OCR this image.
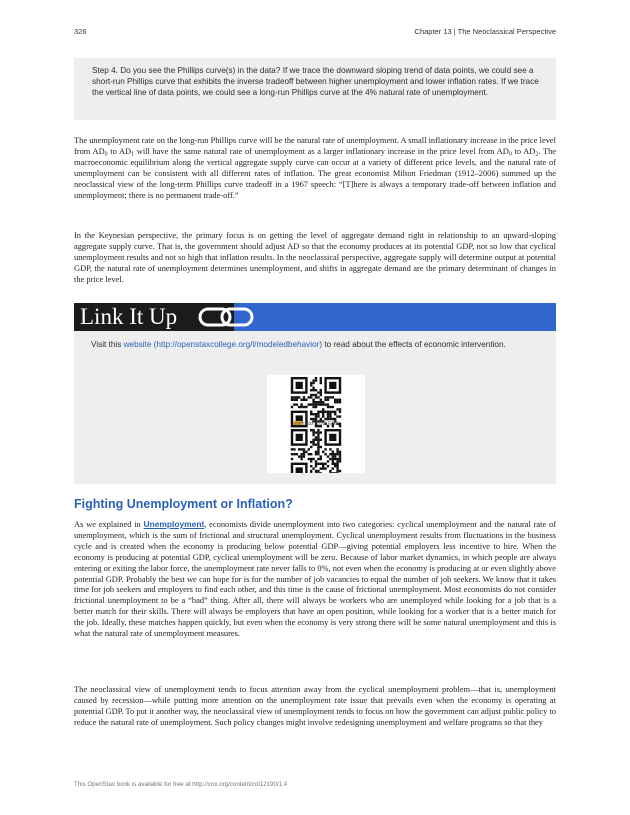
326	Chapter 13 | The Neoclassical Perspective
Step 4. Do you see the Phillips curve(s) in the data? If we trace the downward sloping trend of data points, we could see a short-run Phillips curve that exhibits the inverse tradeoff between higher unemployment and lower inflation rates. If we trace the vertical line of data points, we could see a long-run Phillips curve at the 4% natural rate of unemployment.

The unemployment rate on the long-run Phillips curve will be the natural rate of unemployment. A small inflationary increase in the price level from $AD_0$ to $AD_1$ will have the same natural rate of unemployment as a larger inflationary increase in the price level from $AD_0$ to $AD_2$. The macroeconomic equilibrium along the vertical aggregate supply curve can occur at a variety of different price levels, and the natural rate of unemployment can be consistent with all different rates of inflation. The great economist Milton Friedman (1912–2006) summed up the neoclassical view of the long-term Phillips curve tradeoff in a 1967 speech: “[T]here is always a temporary trade-off between inflation and unemployment; there is no permanent trade-off.”

In the Keynesian perspective, the primary focus is on getting the level of aggregate demand right in relationship to an upward-sloping aggregate supply curve. That is, the government should adjust AD so that the economy produces at its potential GDP, not so low that cyclical unemployment results and not so high that inflation results. In the neoclassical perspective, aggregate supply will determine output at potential GDP, the natural rate of unemployment determines unemployment, and shifts in aggregate demand are the primary determinant of changes in the price level.

Link It Up
Visit this website (http://openstaxcollege.org/l/modeledbehavior) to read about the effects of economic intervention.
openstax COLLEGE
Fighting Unemployment or Inflation?

As we explained in Unemployment, economists divide unemployment into two categories: cyclical unemployment and the natural rate of unemployment, which is the sum of frictional and structural unemployment. Cyclical unemployment results from fluctuations in the business cycle and is created when the economy is producing below potential GDP—giving potential employers less incentive to hire. When the economy is producing at potential GDP, cyclical unemployment will be zero. Because of labor market dynamics, in which people are always entering or exiting the labor force, the unemployment rate never falls to 0%, not even when the economy is producing at or even slightly above potential GDP. Probably the best we can hope for is for the number of job vacancies to equal the number of job seekers. We know that it takes time for job seekers and employers to find each other, and this time is the cause of frictional unemployment. Most economists do not consider frictional unemployment to be a “bad” thing. After all, there will always be workers who are unemployed while looking for a job that is a better match for their skills. There will always be employers that have an open position, while looking for a worker that is a better match for the job. Ideally, these matches happen quickly, but even when the economy is very strong there will be some natural unemployment and this is what the natural rate of unemployment measures.

The neoclassical view of unemployment tends to focus attention away from the cyclical unemployment problem—that is, unemployment caused by recession—while putting more attention on the unemployment rate issue that prevails even when the economy is operating at potential GDP. To put it another way, the neoclassical view of unemployment tends to focus on how the government can adjust public policy to reduce the natural rate of unemployment. Such policy changes might involve redesigning unemployment and welfare programs so that they

This OpenStax book is available for free at http://cnx.org/content/col12190/1.4
